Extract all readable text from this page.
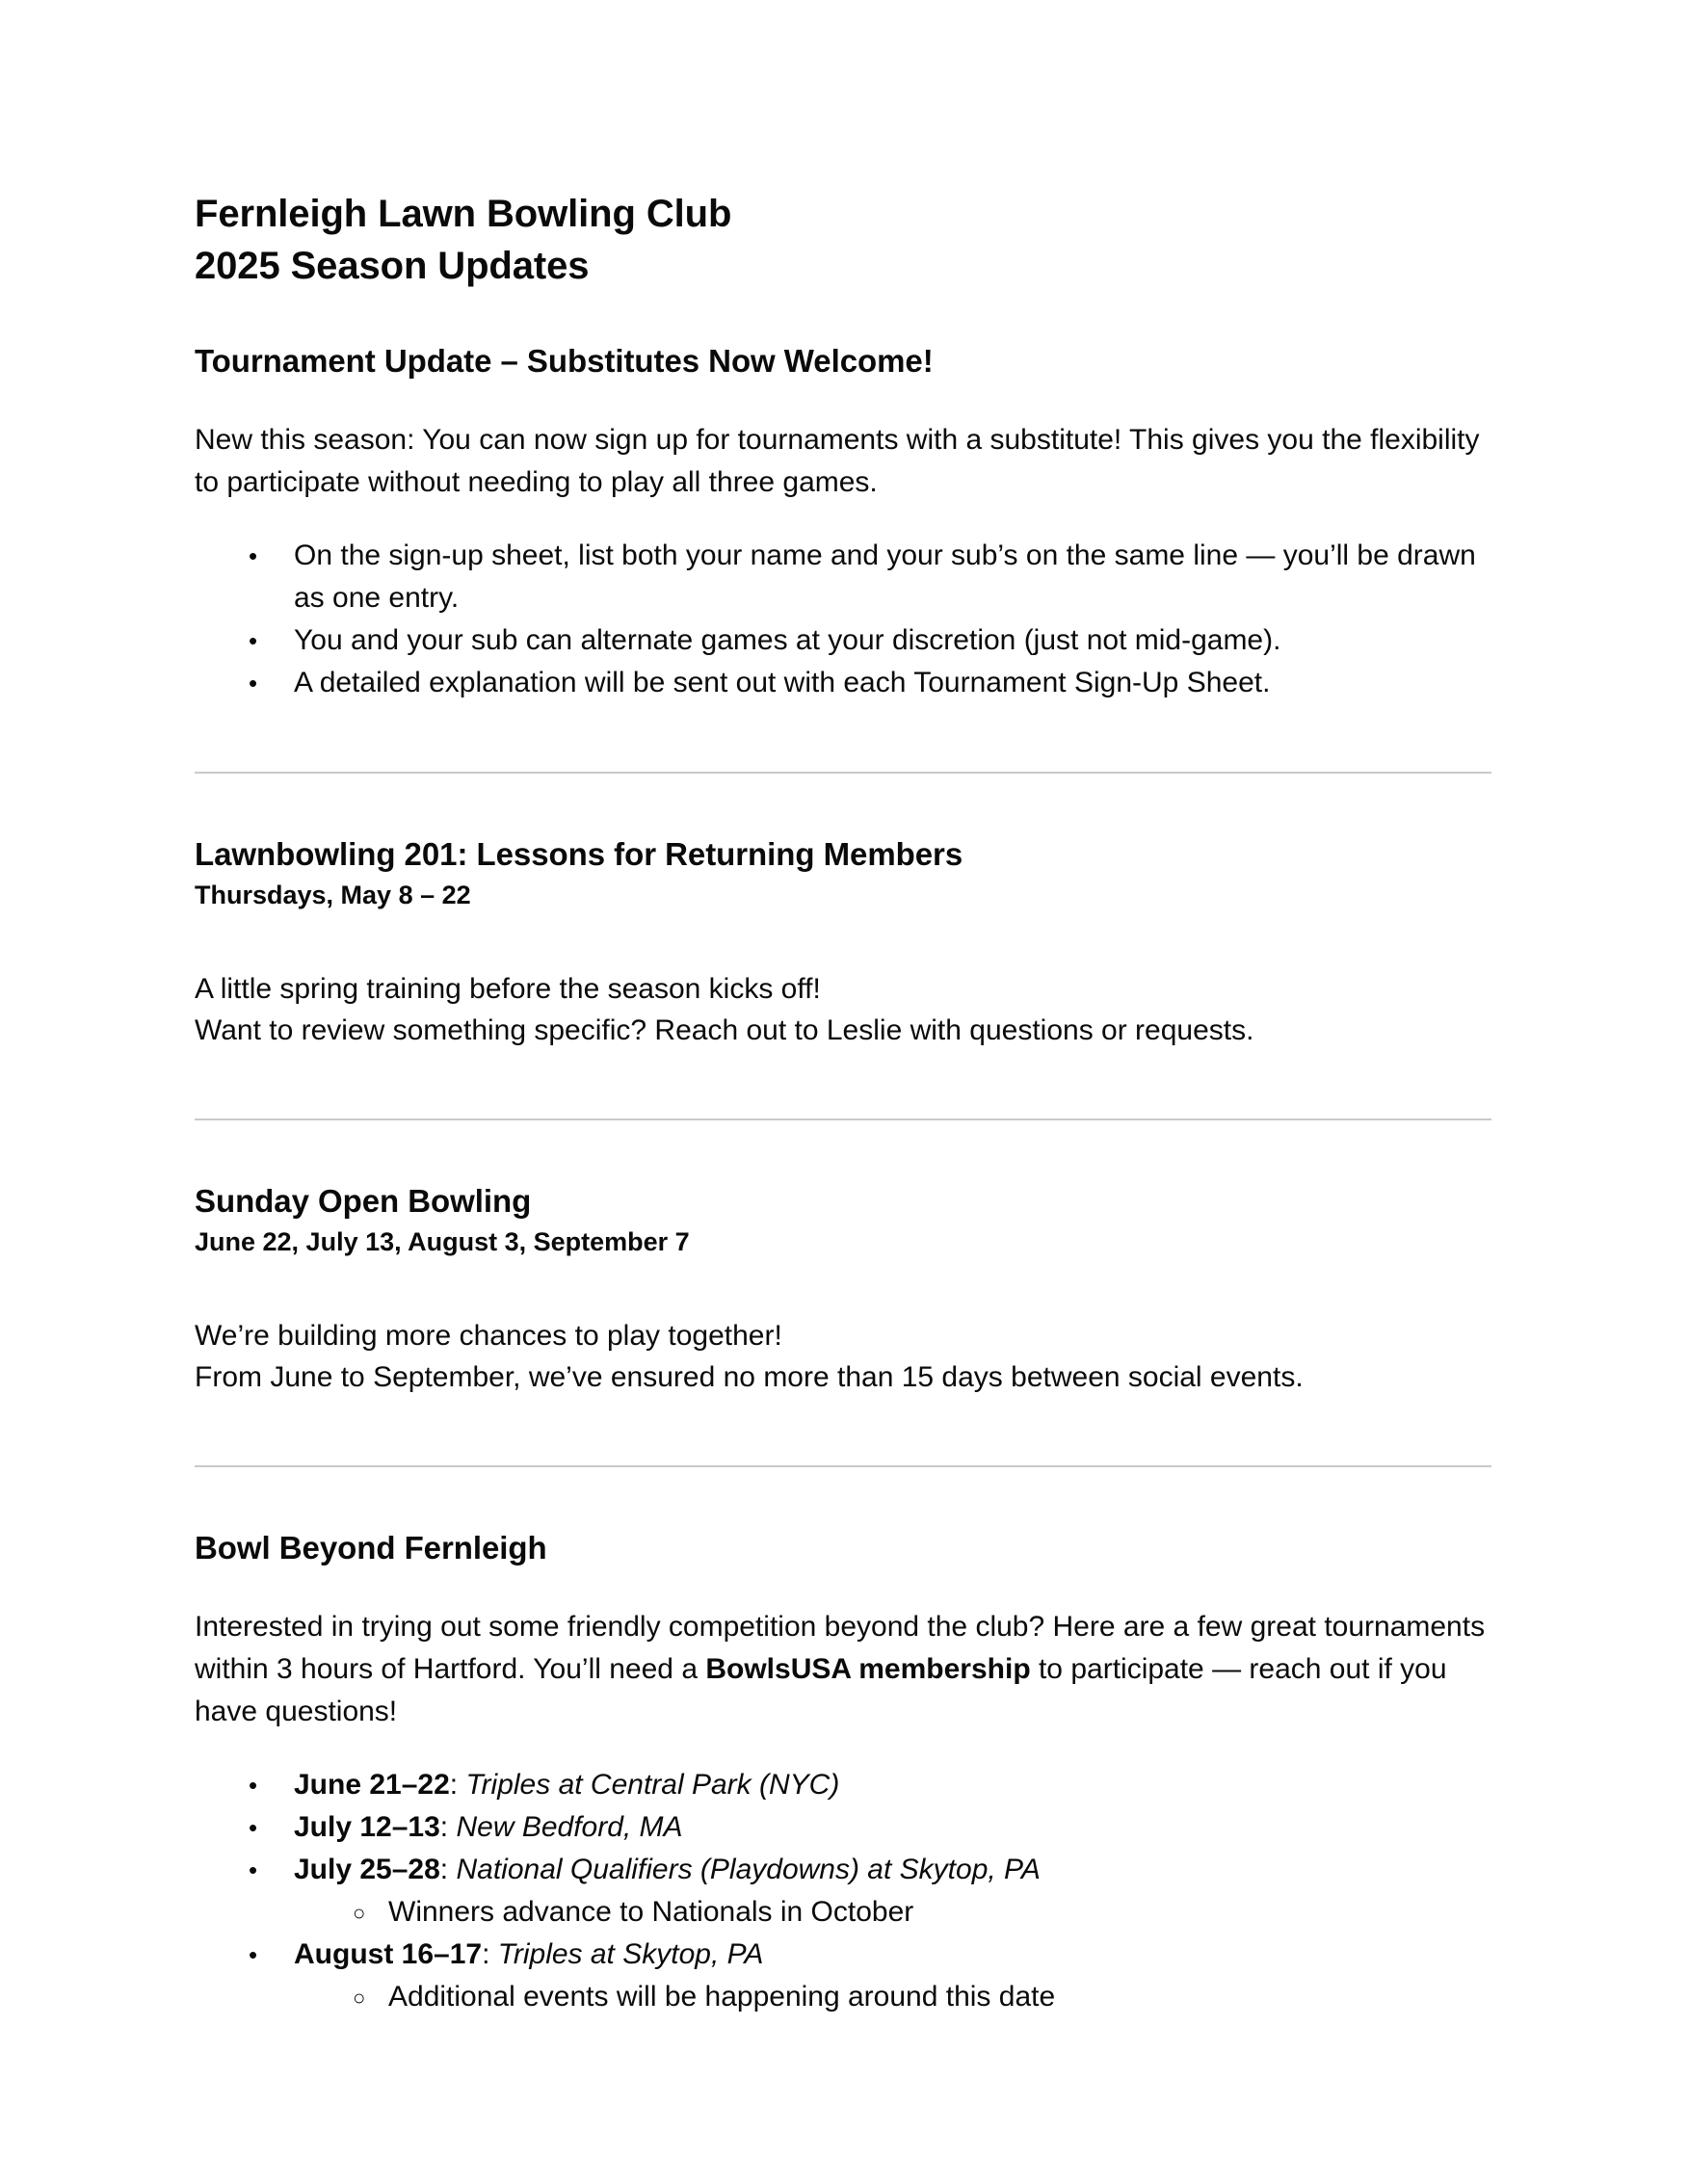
Fernleigh Lawn Bowling Club
2025 Season Updates
Tournament Update – Substitutes Now Welcome!

New this season: You can now sign up for tournaments with a substitute! This gives you the flexibility to participate without needing to play all three games.

•
On the sign-up sheet, list both your name and your sub’s on the same line — you’ll be drawn as one entry.
•
You and your sub can alternate games at your discretion (just not mid-game).
•
A detailed explanation will be sent out with each Tournament Sign-Up Sheet.
Lawnbowling 201: Lessons for Returning Members
Thursdays, May 8 – 22

A little spring training before the season kicks off!

Want to review something specific? Reach out to Leslie with questions or requests.

Sunday Open Bowling
June 22, July 13, August 3, September 7

We’re building more chances to play together!

From June to September, we’ve ensured no more than 15 days between social events.

Bowl Beyond Fernleigh

Interested in trying out some friendly competition beyond the club? Here are a few great tournaments within 3 hours of Hartford. You’ll need a BowlsUSA membership to participate — reach out if you have questions!

•
June 21–22: Triples at Central Park (NYC)
•
July 12–13: New Bedford, MA
•
July 25–28: National Qualifiers (Playdowns) at Skytop, PA
○
Winners advance to Nationals in October
•
August 16–17: Triples at Skytop, PA
○
Additional events will be happening around this date
